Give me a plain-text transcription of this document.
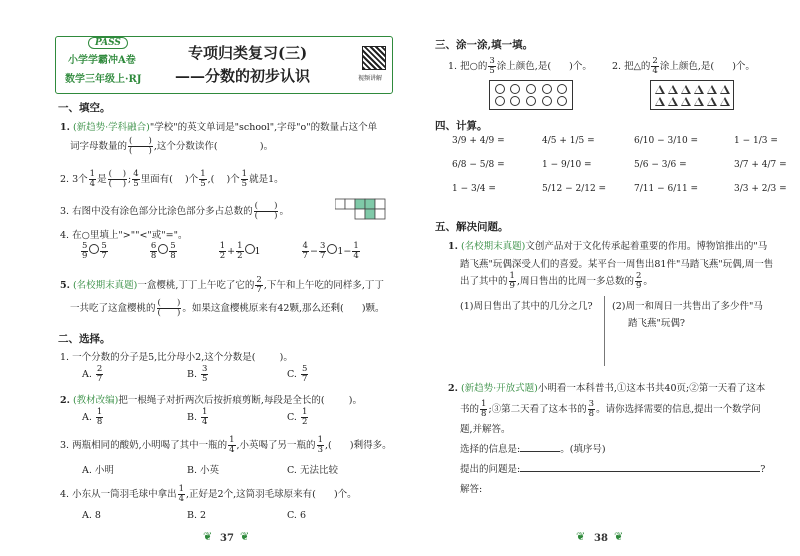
PASS
小学学霸冲A卷
数学三年级上·RJ
专项归类复习(三)
——分数的初步认识	视频讲解
一、填空。
1. (新趋势·学科融合)"学校"的英文单词是"school",字母"o"的数量占这个单
词字母数量的 $\frac{( )}{( )}$ ,这个分数读作(       	)。
2. 3个 $\frac{1}{4}$ 是 $\frac{( )}{( )}$ ; $\frac{4}{5}$ 里面有(   )个 $\frac{1}{5}$ ,(   )个 $\frac{1}{5}$ 就是1。
3. 右图中没有涂色部分比涂色部分多占总数的 $\frac{( )}{( )}$ 。
4. 在○里填上">""<"或"="。
$\frac{5}{9} \frac{5}{7}$	$\frac{6}{8} \frac{5}{8}$	$\frac{1}{2} + \frac{1}{2} 1$	$\frac{4}{7} - \frac{3}{7} 1- \frac{1}{4}$
5. (名校期末真题)一盒樱桃,丁丁上午吃了它的 $\frac{2}{7}$ ,下午和上午吃的同样多,丁丁
一共吃了这盒樱桃的 $\frac{( )}{( )}$ 。如果这盒樱桃原来有42颗,那么还剩(    )颗。
二、选择。
1. 一个分数的分子是5,比分母小2,这个分数是(    	)。
A. $\frac{2}{7}$	B. $\frac{3}{5}$	C. $\frac{5}{7}$
2. (教材改编)把一根绳子对折两次后按折痕剪断,每段是全长的(    	)。
A. $\frac{1}{8}$	B. $\frac{1}{4}$	C. $\frac{1}{2}$
3. 两瓶相同的酸奶,小明喝了其中一瓶的 $\frac{1}{4}$ ,小英喝了另一瓶的 $\frac{1}{3}$ ,(    )剩得多。
A. 小明	B. 小英	C. 无法比较
4. 小东从一筒羽毛球中拿出 $\frac{1}{4}$ ,正好是2个,这筒羽毛球原来有(    )个。
A. 8	B. 2	C. 6
❦ 37 ❦
三、涂一涂,填一填。
1. 把○的 $\frac{3}{5}$ 涂上颜色,是(    )个。 2. 把△的 $\frac{2}{4}$ 涂上颜色,是(    )个。
四、计算。
3/9 + 4/9 =	4/5 + 1/5 =	6/10 − 3/10 =	1 − 1/3 =
6/8 − 5/8 =	1 − 9/10 =	5/6 − 3/6 =	3/7 + 4/7 =
1 − 3/4 =	5/12 − 2/12 =	7/11 − 6/11 =	3/3 + 2/3 =
五、解决问题。
1. (名校期末真题)文创产品对于文化传承起着重要的作用。博物馆推出的"马
踏飞燕"玩偶深受人们的喜爱。某平台一周售出81件"马踏飞燕"玩偶,周一售
出了其中的 $\frac{1}{9}$ ,周日售出的比周一多总数的 $\frac{2}{9}$ 。
(1)周日售出了其中的几分之几? (2)周一和周日一共售出了多少件"马
踏飞燕"玩偶?
2. (新趋势·开放式题)小明看一本科普书,①这本书共40页;②第一天看了这本
书的 $\frac{1}{8}$ ;③第二天看了这本书的 $\frac{3}{8}$ 。请你选择需要的信息,提出一个数学问
题,并解答。
选择的信息是:	。(填序号)
提出的问题是:	?
解答:
❦ 38 ❦
